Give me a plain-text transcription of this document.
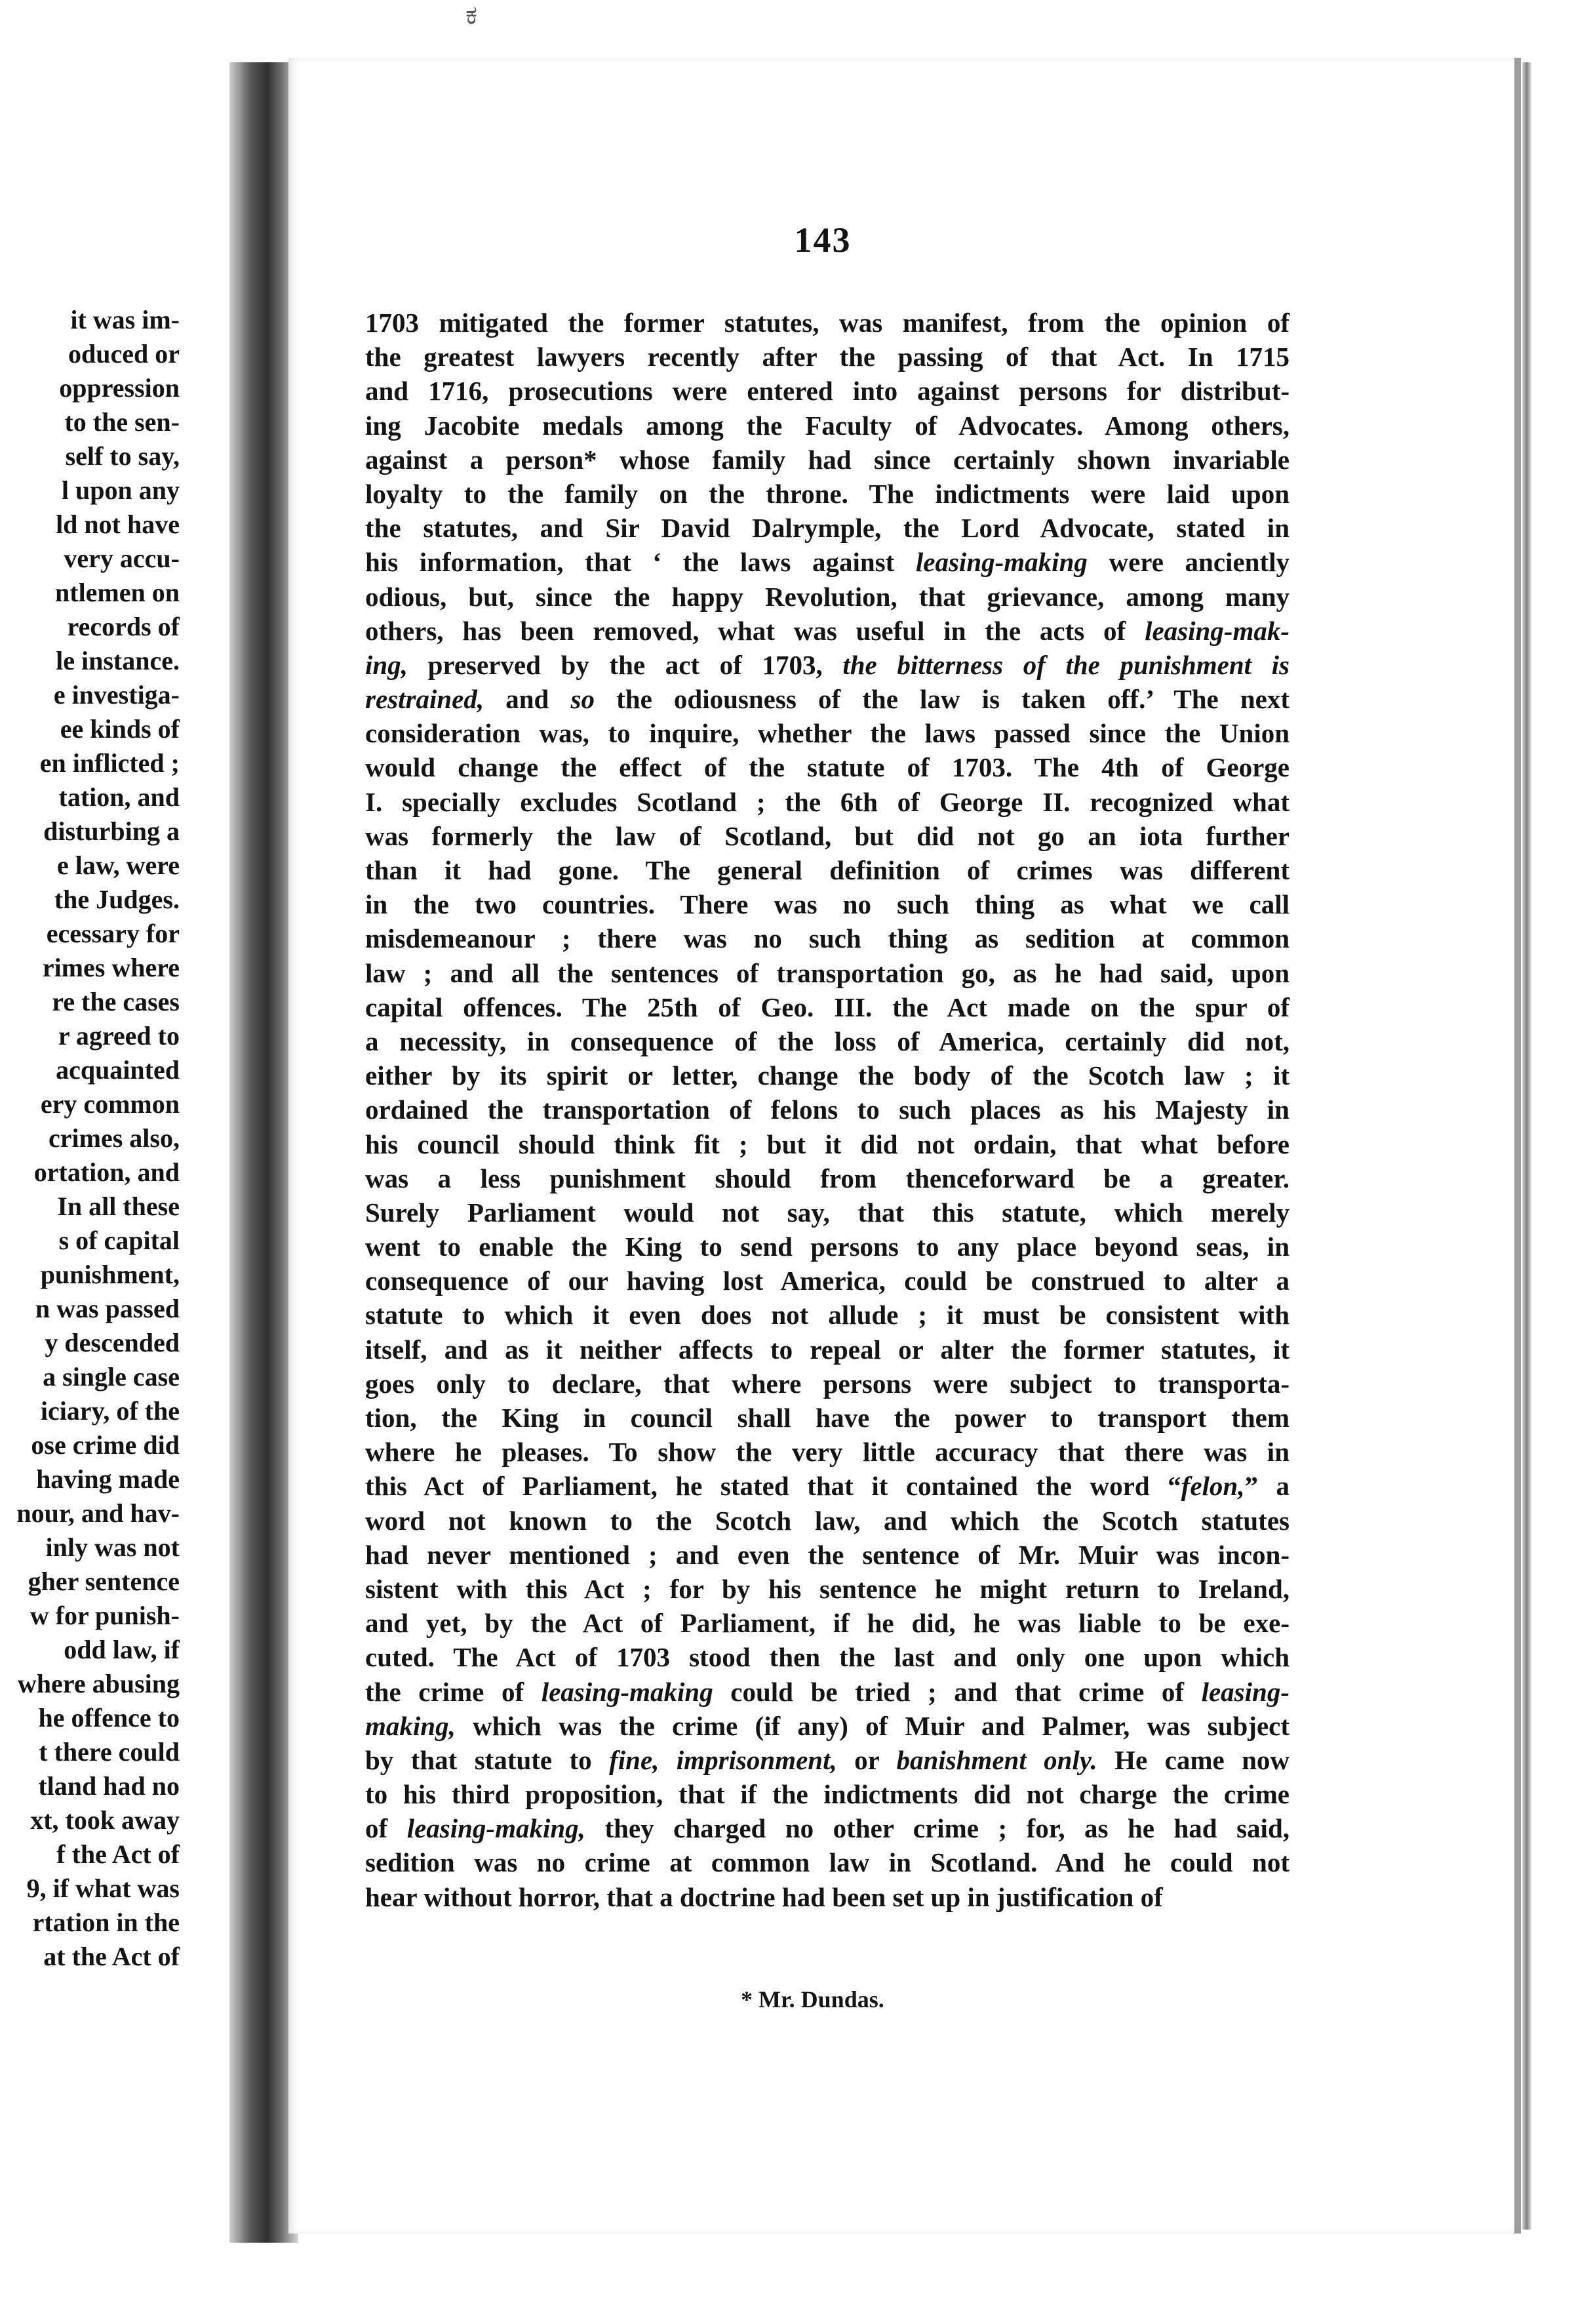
ಕ
it was im-
oduced or
oppression
to the sen-
self to say,
l upon any
ld not have
very accu-
ntlemen on
records of
le instance.
e investiga-
ee kinds of
en inflicted ;
tation, and
disturbing a
e law, were
the Judges.
ecessary for
rimes where
re the cases
r agreed to
acquainted
ery common
crimes also,
ortation, and
In all these
s of capital
punishment,
n was passed
y descended
a single case
iciary, of the
ose crime did
having made
nour, and hav-
inly was not
gher sentence
w for punish-
odd law, if
where abusing
he offence to
t there could
tland had no
xt, took away
f the Act of
9, if what was
rtation in the
at the Act of
143
1703 mitigated the former statutes, was manifest, from the opinion of
the greatest lawyers recently after the passing of that Act. In 1715
and 1716, prosecutions were entered into against persons for distribut-
ing Jacobite medals among the Faculty of Advocates. Among others,
against a person* whose family had since certainly shown invariable
loyalty to the family on the throne. The indictments were laid upon
the statutes, and Sir David Dalrymple, the Lord Advocate, stated in
his information, that ‘ the laws against leasing-making were anciently
odious, but, since the happy Revolution, that grievance, among many
others, has been removed, what was useful in the acts of leasing-mak-
ing, preserved by the act of 1703, the bitterness of the punishment is
restrained, and so the odiousness of the law is taken off.’ The next
consideration was, to inquire, whether the laws passed since the Union
would change the effect of the statute of 1703. The 4th of George
I. specially excludes Scotland ; the 6th of George II. recognized what
was formerly the law of Scotland, but did not go an iota further
than it had gone. The general definition of crimes was different
in the two countries. There was no such thing as what we call
misdemeanour ; there was no such thing as sedition at common
law ; and all the sentences of transportation go, as he had said, upon
capital offences. The 25th of Geo. III. the Act made on the spur of
a necessity, in consequence of the loss of America, certainly did not,
either by its spirit or letter, change the body of the Scotch law ; it
ordained the transportation of felons to such places as his Majesty in
his council should think fit ; but it did not ordain, that what before
was a less punishment should from thenceforward be a greater.
Surely Parliament would not say, that this statute, which merely
went to enable the King to send persons to any place beyond seas, in
consequence of our having lost America, could be construed to alter a
statute to which it even does not allude ; it must be consistent with
itself, and as it neither affects to repeal or alter the former statutes, it
goes only to declare, that where persons were subject to transporta-
tion, the King in council shall have the power to transport them
where he pleases. To show the very little accuracy that there was in
this Act of Parliament, he stated that it contained the word “felon,” a
word not known to the Scotch law, and which the Scotch statutes
had never mentioned ; and even the sentence of Mr. Muir was incon-
sistent with this Act ; for by his sentence he might return to Ireland,
and yet, by the Act of Parliament, if he did, he was liable to be exe-
cuted. The Act of 1703 stood then the last and only one upon which
the crime of leasing-making could be tried ; and that crime of leasing-
making, which was the crime (if any) of Muir and Palmer, was subject
by that statute to fine, imprisonment, or banishment only. He came now
to his third proposition, that if the indictments did not charge the crime
of leasing-making, they charged no other crime ; for, as he had said,
sedition was no crime at common law in Scotland. And he could not
hear without horror, that a doctrine had been set up in justification of
* Mr. Dundas.
